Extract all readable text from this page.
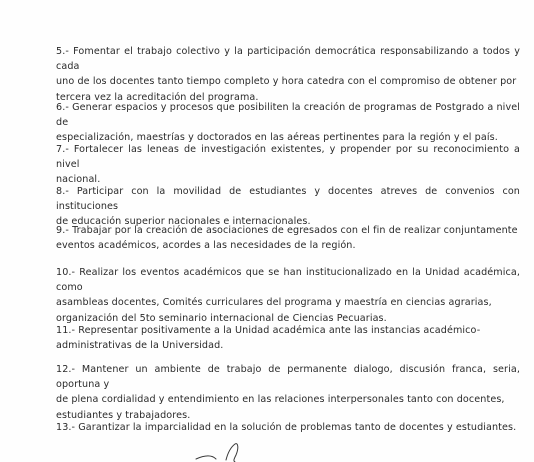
5.- Fomentar el trabajo colectivo y la participación democrática responsabilizando a todos y cada
uno de los docentes tanto tiempo completo y hora catedra con el compromiso de obtener por
tercera vez la acreditación del programa.
6.- Generar espacios y procesos que posibiliten la creación de programas de Postgrado a nivel de
especialización, maestrías y doctorados en las aéreas pertinentes para la región y el país.
7.- Fortalecer las leneas de investigación existentes, y propender por su reconocimiento a nivel
nacional.
8.- Participar con la movilidad de estudiantes y docentes atreves de convenios con instituciones
de educación superior nacionales e internacionales.
9.- Trabajar por la creación de asociaciones de egresados con el fin de realizar conjuntamente
eventos académicos, acordes a las necesidades de la región.
10.- Realizar los eventos académicos que se han institucionalizado en la Unidad académica, como
asambleas docentes, Comités curriculares del programa y maestría en ciencias agrarias,
organización del 5to seminario internacional de Ciencias Pecuarias.
11.- Representar positivamente a la Unidad académica ante las instancias académico-
administrativas de la Universidad.
12.- Mantener un ambiente de trabajo de permanente dialogo, discusión franca, seria, oportuna y
de plena cordialidad y entendimiento en las relaciones interpersonales tanto con docentes,
estudiantes y trabajadores.
13.- Garantizar la imparcialidad en la solución de problemas tanto de docentes y estudiantes.
